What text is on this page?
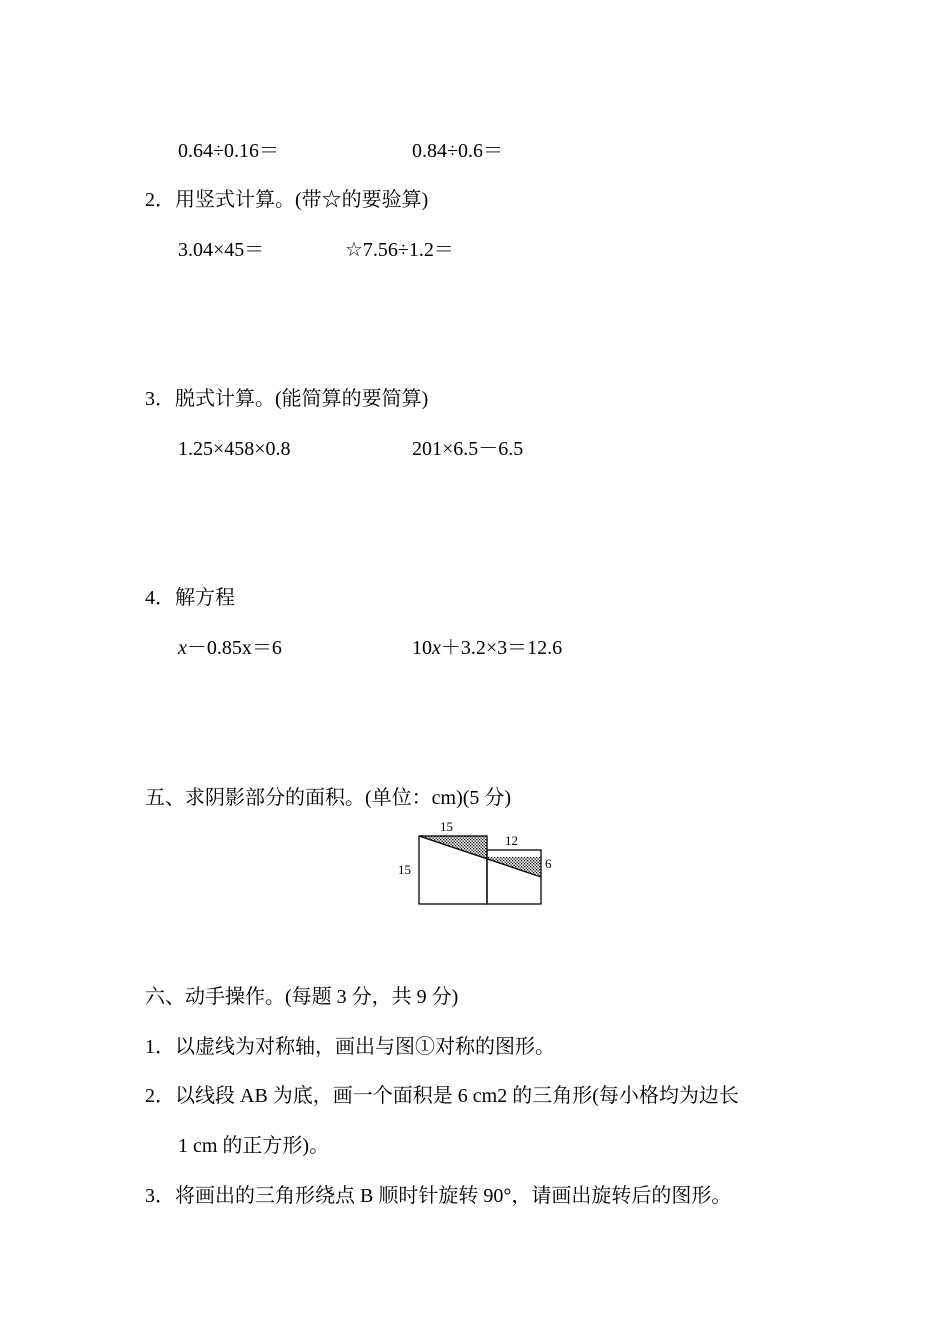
0.64÷0.16＝	0.84÷0.6＝
2．用竖式计算。(带☆的要验算)
3.04×45＝	☆7.56÷1.2＝
3．脱式计算。(能简算的要简算)
1.25×458×0.8	201×6.5－6.5
4．解方程
x－0.85x＝6	10x＋3.2×3＝12.6
五、求阴影部分的面积。(单位：cm)(5 分)
15
12
15	6
六、动手操作。(每题 3 分，共 9 分)
1．以虚线为对称轴，画出与图①对称的图形。
2．以线段 AB 为底，画一个面积是 6 cm2 的三角形(每小格均为边长
1 cm 的正方形)。
3．将画出的三角形绕点 B 顺时针旋转 90°，请画出旋转后的图形。
